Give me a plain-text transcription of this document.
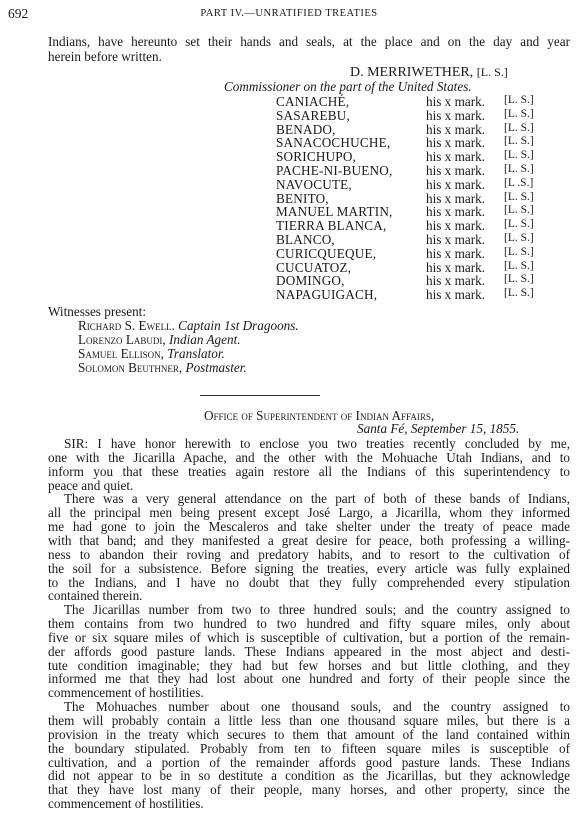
692	PART IV.—UNRATIFIED TREATIES
Indians, have hereunto set their hands and seals, at the place and on the day and year
herein before written.
D. MERRIWETHER, [L. S.]
Commissioner on the part of the United States.
CANIACHÉ,	his x mark. [L. S.]
SASAREBU,	his x mark. [L. S.]
BENADO,	his x mark. [L. S.]
SANACOCHUCHE,	his x mark. [L. S.]
SORICHUPO,	his x mark. [L. S.]
PACHE-NI-BUENO,	his x mark. [L. S.]
NAVOCUTE,	his x mark. [L .S.]
BENITO,	his x mark. [L. S.]
MANUEL MARTIN,	his x mark. [L. S.]
TIERRA BLANCA,	his x mark. [L. S.]
BLANCO,	his x mark. [L. S.]
CURICQUEQUE,	his x mark. [L. S.]
CUCUATOZ,	his x mark. [L. S.]
DOMINGO,	his x mark. [L. S.]
NAPAGUIGACH,	his x mark. [L. S.]
Witnesses present:
Richard S. Ewell. Captain 1st Dragoons.
Lorenzo Labudi, Indian Agent.
Samuel Ellison, Translator.
Solomon Beuthner, Postmaster.
Office of Superintendent of Indian Affairs,
Santa Fé, September 15, 1855.
SIR: I have honor herewith to enclose you two treaties recently concluded by me,
one with the Jicarilla Apache, and the other with the Mohuache Utah Indians, and to
inform you that these treaties again restore all the Indians of this superintendency to
peace and quiet.
There was a very general attendance on the part of both of these bands of Indians,
all the principal men being present except José Largo, a Jicarilla, whom they informed
me had gone to join the Mescaleros and take shelter under the treaty of peace made
with that band; and they manifested a great desire for peace, both professing a willing-
ness to abandon their roving and predatory habits, and to resort to the cultivation of
the soil for a subsistence. Before signing the treaties, every article was fully explained
to the Indians, and I have no doubt that they fully comprehended every stipulation
contained therein.
The Jicarillas number from two to three hundred souls; and the country assigned to
them contains from two hundred to two hundred and fifty square miles, only about
five or six square miles of which is susceptible of cultivation, but a portion of the remain-
der affords good pasture lands. These Indians appeared in the most abject and desti-
tute condition imaginable; they had but few horses and but little clothing, and they
informed me that they had lost about one hundred and forty of their people since the
commencement of hostilities.
The Mohuaches number about one thousand souls, and the country assigned to
them will probably contain a little less than one thousand square miles, but there is a
provision in the treaty which secures to them that amount of the land contained within
the boundary stipulated. Probably from ten to fifteen square miles is susceptible of
cultivation, and a portion of the remainder affords good pasture lands. These Indians
did not appear to be in so destitute a condition as the Jicarillas, but they acknowledge
that they have lost many of their people, many horses, and other property, since the
commencement of hostilities.
